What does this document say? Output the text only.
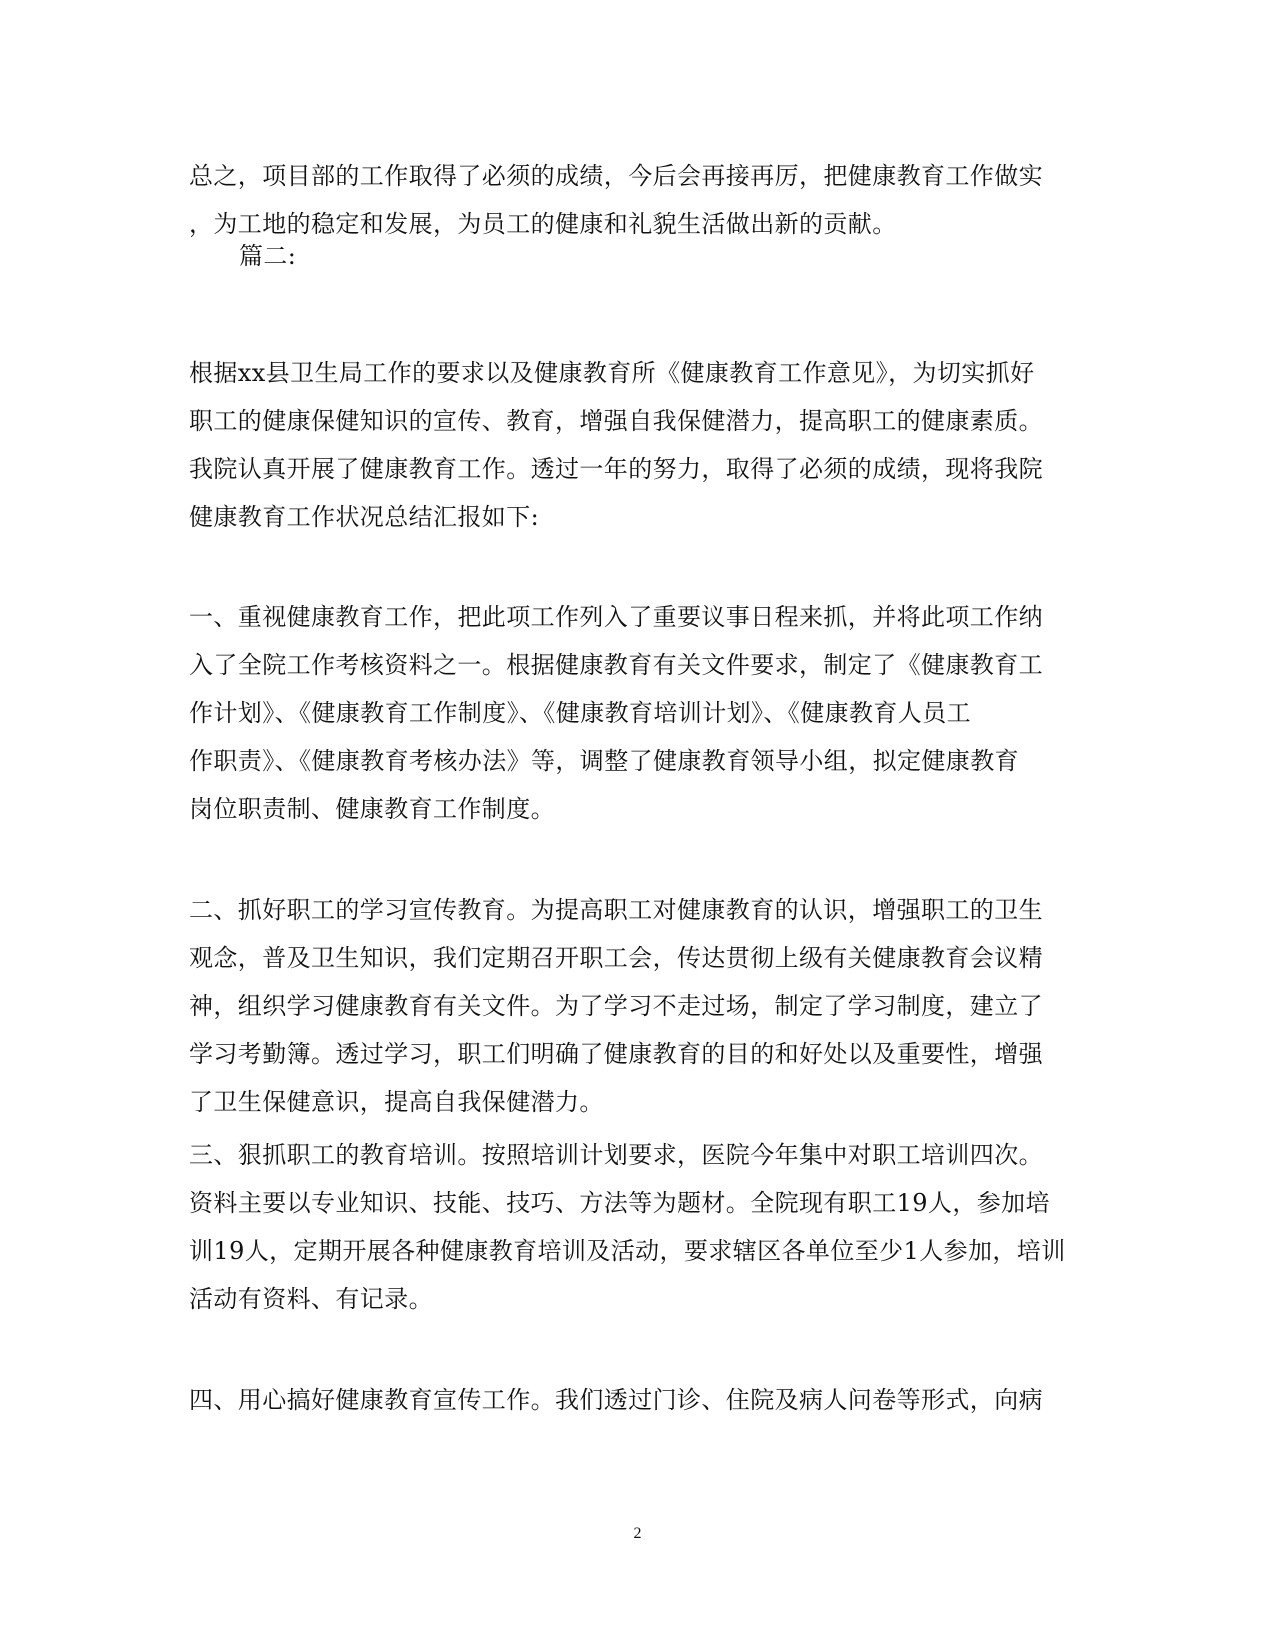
总之，项目部的工作取得了必须的成绩，今后会再接再厉，把健康教育工作做实
，为工地的稳定和发展，为员工的健康和礼貌生活做出新的贡献。
篇二:
根据xx县卫生局工作的要求以及健康教育所《健康教育工作意见》，为切实抓好
职工的健康保健知识的宣传、教育，增强自我保健潜力，提高职工的健康素质。
我院认真开展了健康教育工作。透过一年的努力，取得了必须的成绩，现将我院
健康教育工作状况总结汇报如下:
一、重视健康教育工作，把此项工作列入了重要议事日程来抓，并将此项工作纳
入了全院工作考核资料之一。根据健康教育有关文件要求，制定了《健康教育工
作计划》、《健康教育工作制度》、《健康教育培训计划》、《健康教育人员工
作职责》、《健康教育考核办法》等，调整了健康教育领导小组，拟定健康教育
岗位职责制、健康教育工作制度。
二、抓好职工的学习宣传教育。为提高职工对健康教育的认识，增强职工的卫生
观念，普及卫生知识，我们定期召开职工会，传达贯彻上级有关健康教育会议精
神，组织学习健康教育有关文件。为了学习不走过场，制定了学习制度，建立了
学习考勤簿。透过学习，职工们明确了健康教育的目的和好处以及重要性，增强
了卫生保健意识，提高自我保健潜力。
三、狠抓职工的教育培训。按照培训计划要求，医院今年集中对职工培训四次。
资料主要以专业知识、技能、技巧、方法等为题材。全院现有职工19人，参加培
训19人，定期开展各种健康教育培训及活动，要求辖区各单位至少1人参加，培训
活动有资料、有记录。
四、用心搞好健康教育宣传工作。我们透过门诊、住院及病人问卷等形式，向病
2
